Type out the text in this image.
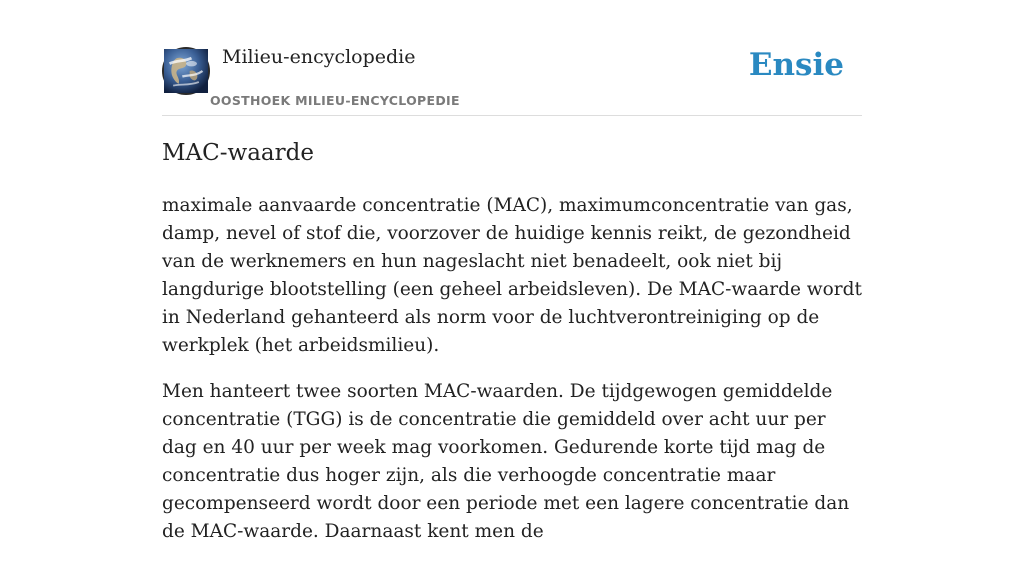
Milieu-encyclopedie
OOSTHOEK MILIEU-ENCYCLOPEDIE
Ensie
MAC-waarde

maximale aanvaarde concentratie (MAC), maximumconcentratie van gas, damp, nevel of stof die, voorzover de huidige kennis reikt, de gezondheid van de werknemers en hun nageslacht niet benadeelt, ook niet bij langdurige blootstelling (een geheel arbeidsleven). De MAC-waarde wordt in Nederland gehanteerd als norm voor de luchtverontreiniging op de werkplek (het arbeidsmilieu).

Men hanteert twee soorten MAC-waarden. De tijdgewogen gemiddelde concentratie (TGG) is de concentratie die gemiddeld over acht uur per dag en 40 uur per week mag voorkomen. Gedurende korte tijd mag de concentratie dus hoger zijn, als die verhoogde concentratie maar gecompenseerd wordt door een periode met een lagere concentratie dan de MAC-waarde. Daarnaast kent men de
